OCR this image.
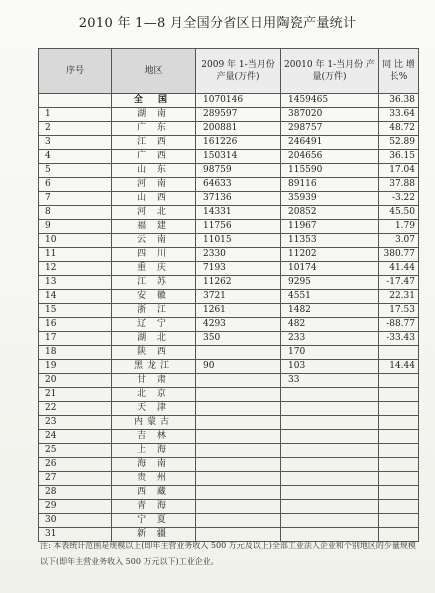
2010 年 1—8 月全国分省区日用陶瓷产量统计
序号	地区	2009 年 1-当月份 产量(万件)	20010 年 1-当月份 产量(万件)	同 比 增 长%
	全 国	1070146	1459465	36.38
1	湖 南	289597	387020	33.64
2	广 东	200881	298757	48.72
3	江 西	161226	246491	52.89
4	广 西	150314	204656	36.15
5	山 东	98759	115590	17.04
6	河 南	64633	89116	37.88
7	山 西	37136	35939	-3.22
8	河 北	14331	20852	45.50
9	福 建	11756	11967	1.79
10	云 南	11015	11353	3.07
11	四 川	2330	11202	380.77
12	重 庆	7193	10174	41.44
13	江 苏	11262	9295	-17.47
14	安 徽	3721	4551	22.31
15	浙 江	1261	1482	17.53
16	辽 宁	4293	482	-88.77
17	湖 北	350	233	-33.43
18	陕 西		170	
19	黑龙江	90	103	14.44
20	甘 肃		33	
21	北 京			
22	天 津			
23	内蒙古			
24	吉 林			
25	上 海			
26	海 南			
27	贵 州			
28	西 藏			
29	青 海			
30	宁 夏			
31	新 疆			
注: 本表统计范围是规模以上(即年主营业务收入 500 万元及以上)全部工业法人企业和个别地区的少量规模以下(即年主营业务收入 500 万元以下)工业企业。
